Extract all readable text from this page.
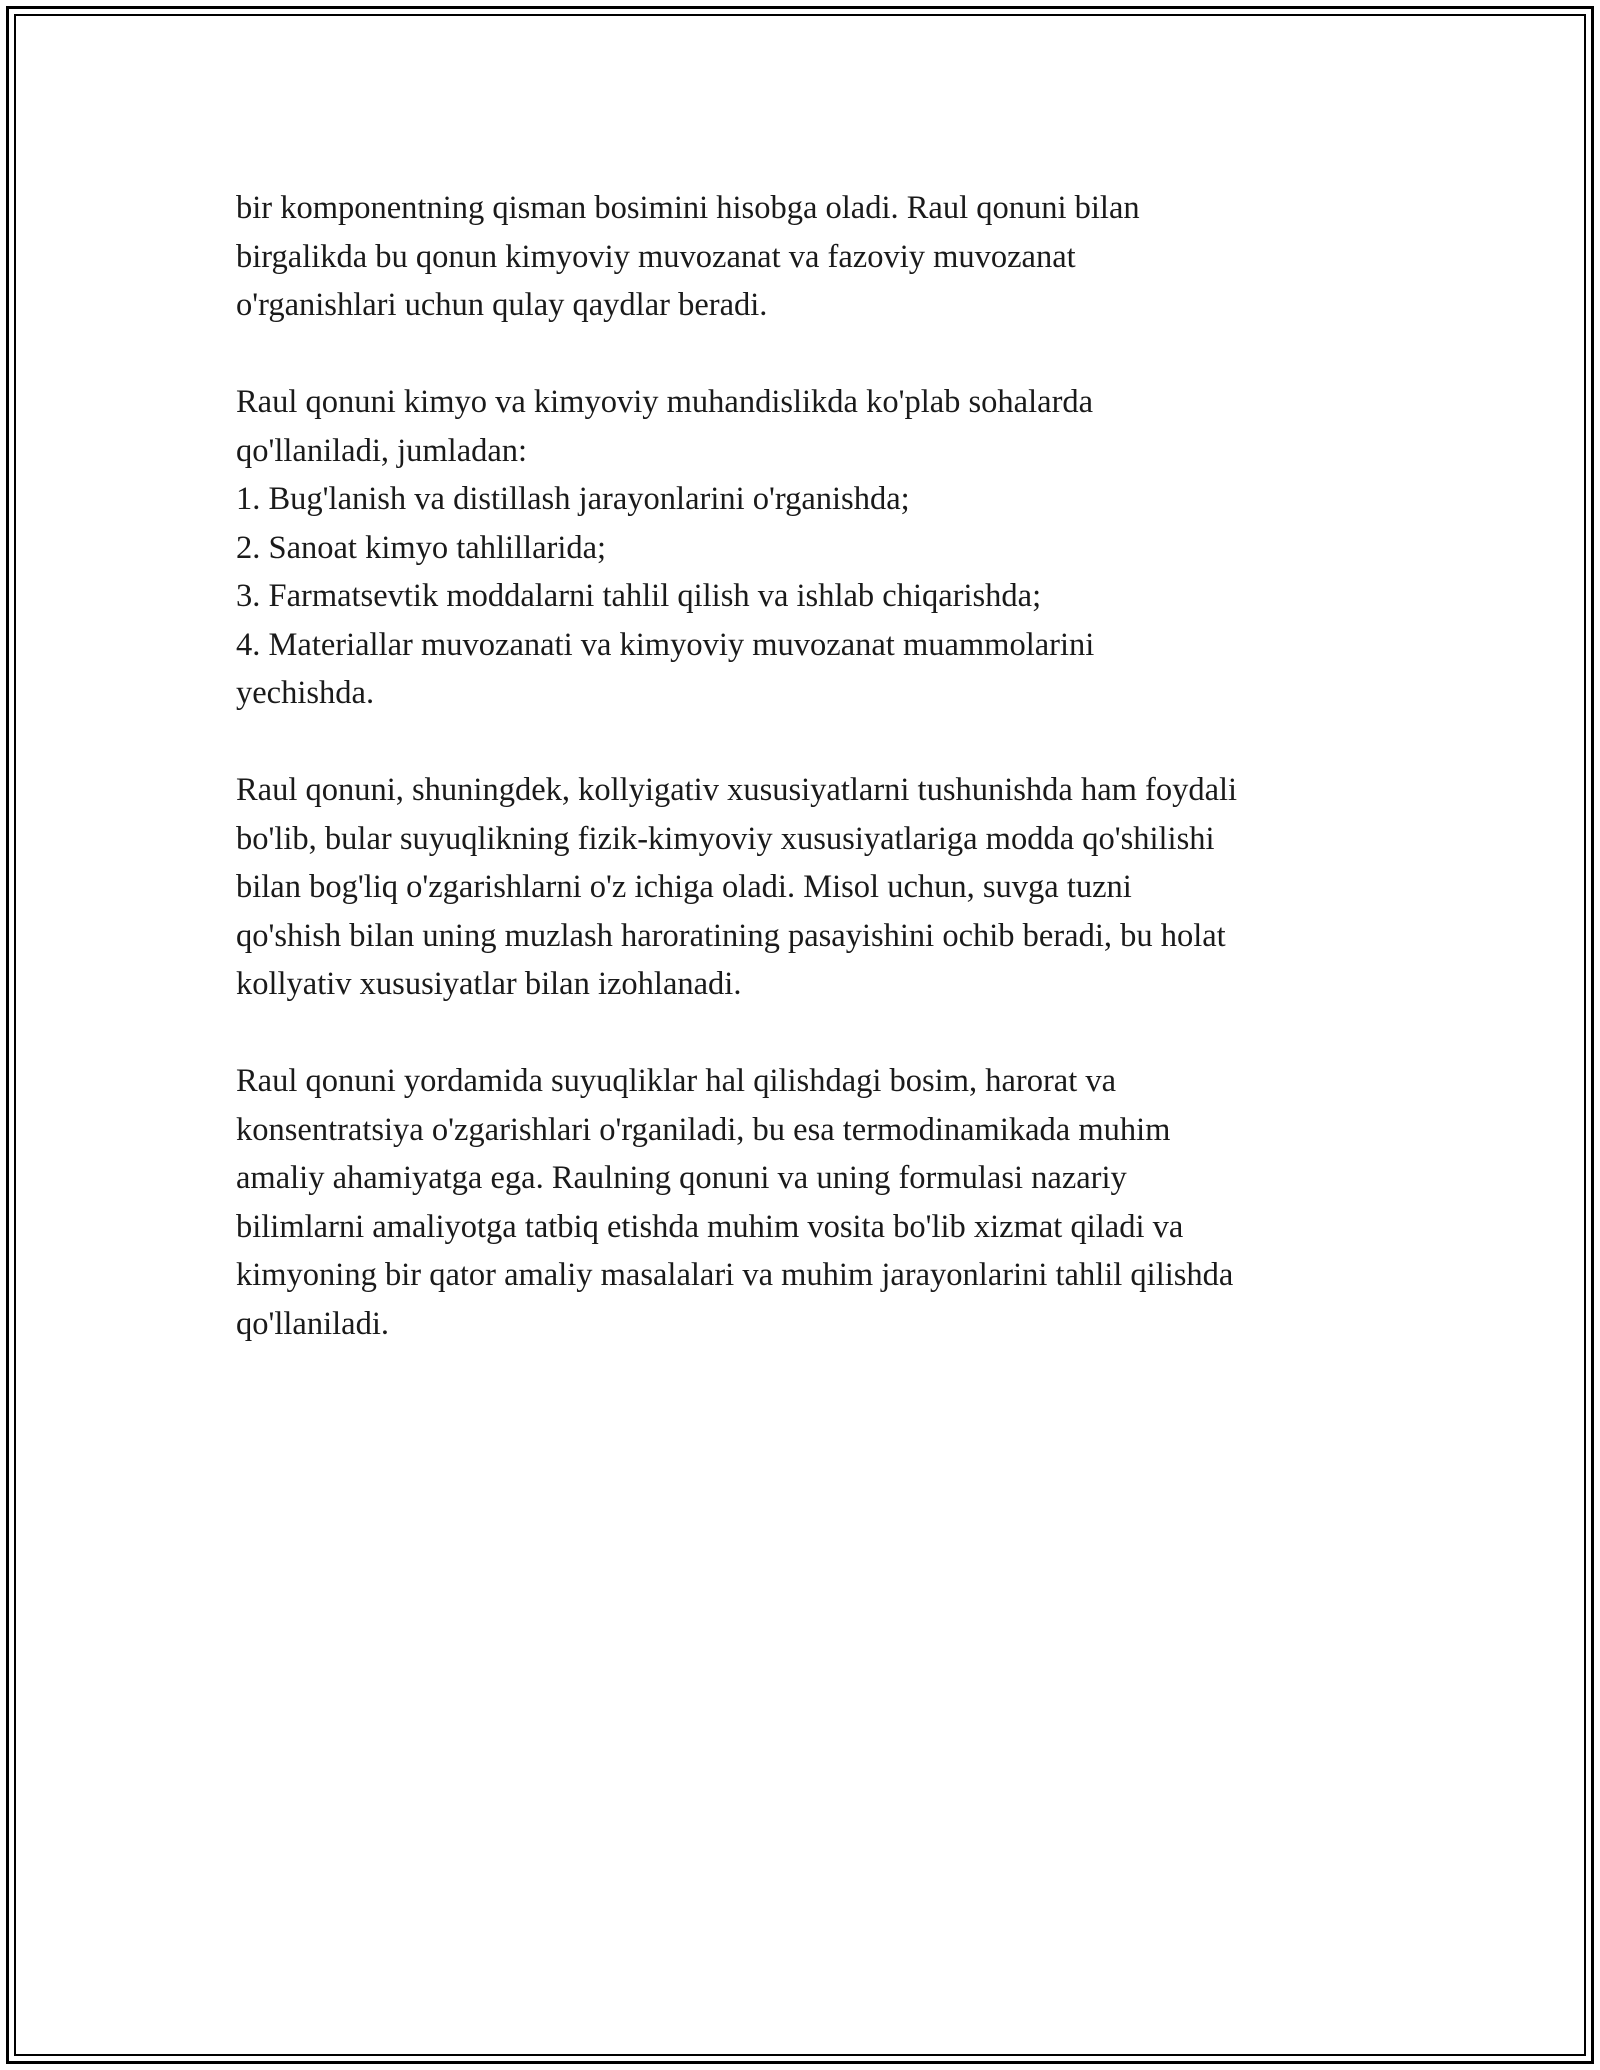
bir komponentning qisman bosimini hisobga oladi. Raul qonuni bilan
birgalikda bu qonun kimyoviy muvozanat va fazoviy muvozanat
o'rganishlari uchun qulay qaydlar beradi.

Raul qonuni kimyo va kimyoviy muhandislikda ko'plab sohalarda
qo'llaniladi, jumladan:
1. Bug'lanish va distillash jarayonlarini o'rganishda;
2. Sanoat kimyo tahlillarida;
3. Farmatsevtik moddalarni tahlil qilish va ishlab chiqarishda;
4. Materiallar muvozanati va kimyoviy muvozanat muammolarini
yechishda.

Raul qonuni, shuningdek, kollyigativ xususiyatlarni tushunishda ham foydali
bo'lib, bular suyuqlikning fizik-kimyoviy xususiyatlariga modda qo'shilishi
bilan bog'liq o'zgarishlarni o'z ichiga oladi. Misol uchun, suvga tuzni
qo'shish bilan uning muzlash haroratining pasayishini ochib beradi, bu holat
kollyativ xususiyatlar bilan izohlanadi.

Raul qonuni yordamida suyuqliklar hal qilishdagi bosim, harorat va
konsentratsiya o'zgarishlari o'rganiladi, bu esa termodinamikada muhim
amaliy ahamiyatga ega. Raulning qonuni va uning formulasi nazariy
bilimlarni amaliyotga tatbiq etishda muhim vosita bo'lib xizmat qiladi va
kimyoning bir qator amaliy masalalari va muhim jarayonlarini tahlil qilishda
qo'llaniladi.
